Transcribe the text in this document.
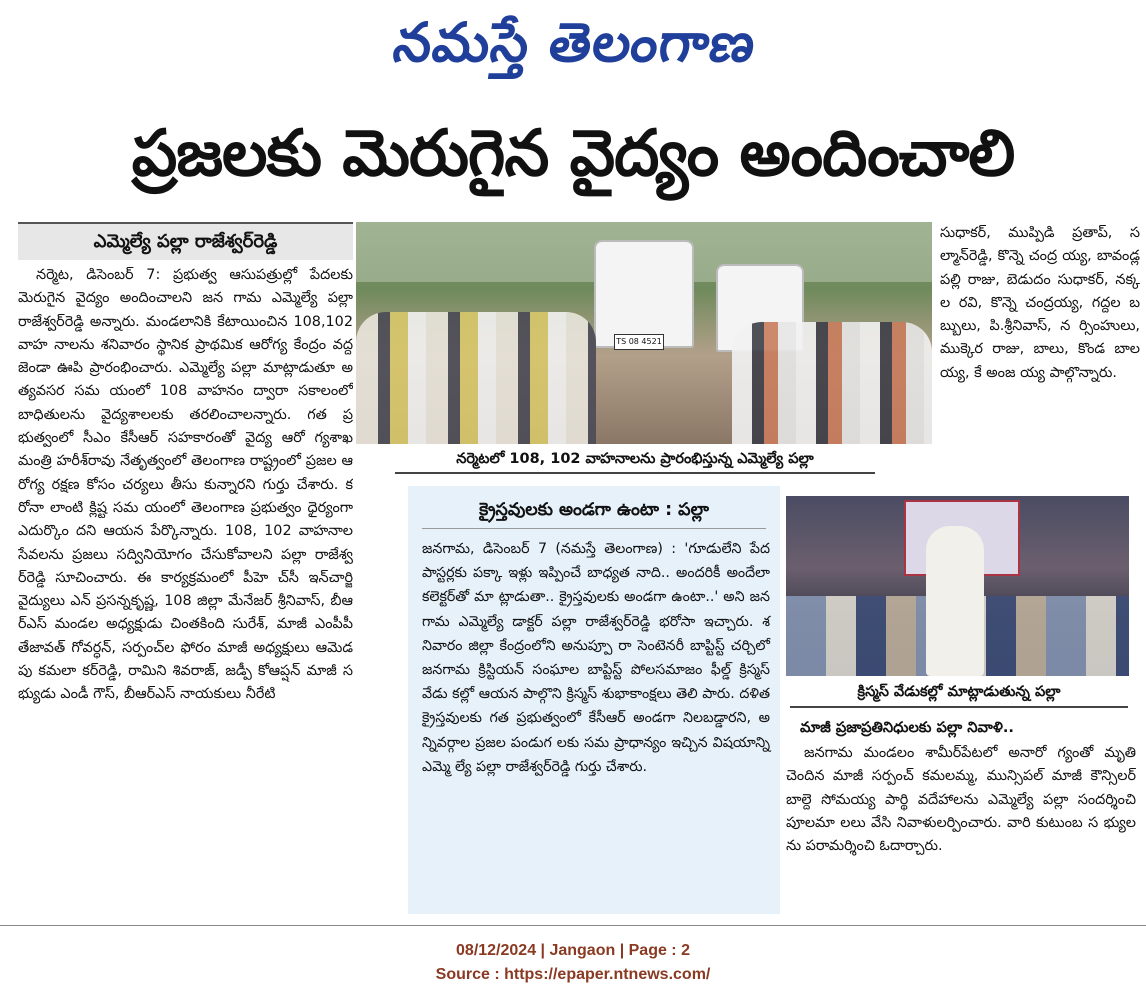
నమస్తే తెలంగాణ
ప్రజలకు మెరుగైన వైద్యం అందించాలి
ఎమ్మెల్యే పల్లా రాజేశ్వర్‌రెడ్డి

నర్మెట, డిసెంబర్ 7: ప్రభుత్వ ఆసుపత్రుల్లో పేదలకు మెరుగైన వైద్యం అందించాలని జన గామ ఎమ్మెల్యే పల్లా రాజేశ్వర్‌రెడ్డి అన్నారు. మండలానికి కేటాయించిన 108,102 వాహ నాలను శనివారం స్థానిక ప్రాథమిక ఆరోగ్య కేంద్రం వద్ద జెండా ఊపి ప్రారంభించారు. ఎమ్మెల్యే పల్లా మాట్లాడుతూ అత్యవసర సమ యంలో 108 వాహనం ద్వారా సకాలంలో బాధితులను వైద్యశాలలకు తరలించాలన్నారు. గత ప్రభుత్వంలో సీఎం కేసీఆర్ సహకారంతో వైద్య ఆరో గ్యశాఖ మంత్రి హరీశ్‌రావు నేతృత్వంలో తెలంగాణ రాష్ట్రంలో ప్రజల ఆరోగ్య రక్షణ కోసం చర్యలు తీసు కున్నారని గుర్తు చేశారు. కరోనా లాంటి క్లిష్ట సమ యంలో తెలంగాణ ప్రభుత్వం ధైర్యంగా ఎదుర్కొం దని ఆయన పేర్కొన్నారు. 108, 102 వాహనాల సేవలను ప్రజలు సద్వినియోగం చేసుకోవాలని పల్లా రాజేశ్వర్‌రెడ్డి సూచించారు. ఈ కార్యక్రమంలో పీహె చ్‌సీ ఇన్‌చార్జి వైద్యులు ఎన్ ప్రసన్నకృష్ణ, 108 జిల్లా మేనేజర్ శ్రీనివాస్, బీఆర్‌ఎస్ మండల అధ్యక్షుడు చింతకింది సురేశ్, మాజీ ఎంపీపీ తేజావత్ గోవర్ధన్, సర్పంచ్‌ల ఫోరం మాజీ అధ్యక్షులు ఆమెడపు కమలా కర్‌రెడ్డి, రామిని శివరాజ్, జడ్పీ కోఆప్షన్ మాజీ సభ్యుడు ఎండీ గౌస్, బీఆర్‌ఎస్ నాయకులు నీరేటి

TS 08 4521
నర్మెటలో 108, 102 వాహనాలను ప్రారంభిస్తున్న ఎమ్మెల్యే పల్లా
సుధాకర్, ముప్పిడి ప్రతాప్, సల్మాన్‌రెడ్డి, కొన్నె చంద్ర య్య, బావండ్లపల్లి రాజు, బెడుదం సుధాకర్, నక్కల రవి, కొన్నె చంద్రయ్య, గద్దల బబ్బులు, పి.శ్రీనివాస్, న ర్సింహులు, ముక్కెర రాజు, బాలు, కొండ బాలయ్య, కే అంజ య్య పాల్గొన్నారు.
క్రైస్తవులకు అండగా ఉంటా : పల్లా
జనగామ, డిసెంబర్ 7 (నమస్తే తెలంగాణ) : 'గూడులేని పేద పాస్టర్లకు పక్కా ఇళ్లు ఇప్పించే బాధ్యత నాది.. అందరికీ అందేలా కలెక్టర్‌తో మా ట్లాడుతా.. క్రైస్తవులకు అండగా ఉంటా..' అని జన గామ ఎమ్మెల్యే డాక్టర్ పల్లా రాజేశ్వర్‌రెడ్డి భరోసా ఇచ్చారు. శనివారం జిల్లా కేంద్రంలోని అనుప్పూ రా సెంటెనరీ బాప్టిస్ట్ చర్చిలో జనగామ క్రిస్టియన్ సంఘాల బాప్టిస్ట్ పోలసమాజం ఫీల్డ్ క్రిస్మస్ వేడు కల్లో ఆయన పాల్గొని క్రిస్మస్ శుభాకాంక్షలు తెలి పారు. దళిత క్రైస్తవులకు గత ప్రభుత్వంలో కేసీఆర్ అండగా నిలబడ్డారని, అన్నివర్గాల ప్రజల పండుగ లకు సమ ప్రాధాన్యం ఇచ్చిన విషయాన్ని ఎమ్మె ల్యే పల్లా రాజేశ్వర్‌రెడ్డి గుర్తు చేశారు.
క్రిస్మస్ వేడుకల్లో మాట్లాడుతున్న పల్లా
మాజీ ప్రజాప్రతినిధులకు పల్లా నివాళి..
జనగామ మండలం శామీర్‌పేటలో అనారో గ్యంతో మృతి చెందిన మాజీ సర్పంచ్ కమలమ్మ, మున్సిపల్ మాజీ కౌన్సిలర్ బాల్దె సోమయ్య పార్థి వదేహాలను ఎమ్మెల్యే పల్లా సందర్శించి పూలమా లలు వేసి నివాళులర్పించారు. వారి కుటుంబ స భ్యులను పరామర్శించి ఓదార్చారు.
08/12/2024 | Jangaon | Page : 2
Source : https://epaper.ntnews.com/
